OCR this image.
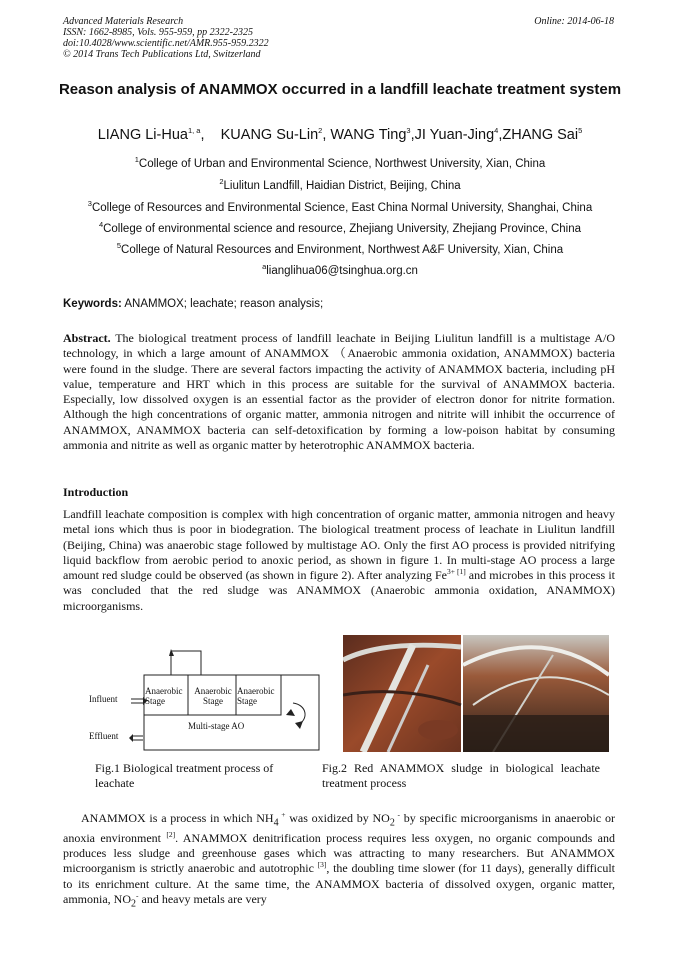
Advanced Materials Research
ISSN: 1662-8985, Vols. 955-959, pp 2322-2325
doi:10.4028/www.scientific.net/AMR.955-959.2322
© 2014 Trans Tech Publications Ltd, Switzerland
Online: 2014-06-18
Reason analysis of ANAMMOX occurred in a landfill leachate treatment system
LIANG Li-Hua$^{1, a}$,    KUANG Su-Lin$^2$, WANG Ting$^3$,JI Yuan-Jing$^4$,ZHANG Sai$^5$
$^1$College of Urban and Environmental Science, Northwest University, Xian, China
$^2$Liulitun Landfill, Haidian District, Beijing, China
$^3$College of Resources and Environmental Science, East China Normal University, Shanghai, China
$^4$College of environmental science and resource, Zhejiang University, Zhejiang Province, China
$^5$College of Natural Resources and Environment, Northwest A&F University, Xian, China
$^a$lianglihua06@tsinghua.org.cn
Keywords: ANAMMOX; leachate; reason analysis;
Abstract. The biological treatment process of landfill leachate in Beijing Liulitun landfill is a multistage A/O technology, in which a large amount of ANAMMOX （Anaerobic ammonia oxidation, ANAMMOX) bacteria were found in the sludge. There are several factors impacting the activity of ANAMMOX bacteria, including pH value, temperature and HRT which in this process are suitable for the survival of ANAMMOX bacteria. Especially, low dissolved oxygen is an essential factor as the provider of electron donor for nitrite formation. Although the high concentrations of organic matter, ammonia nitrogen and nitrite will inhibit the occurrence of ANAMMOX, ANAMMOX bacteria can self-detoxification by forming a low-poison habitat by consuming ammonia and nitrite as well as organic matter by heterotrophic ANAMMOX bacteria.
Introduction
Landfill leachate composition is complex with high concentration of organic matter, ammonia nitrogen and heavy metal ions which thus is poor in biodegration. The biological treatment process of leachate in Liulitun landfill (Beijing, China) was anaerobic stage followed by multistage AO. Only the first AO process is provided nitrifying liquid backflow from aerobic period to anoxic period, as shown in figure 1. In multi-stage AO process a large amount red sludge could be observed (as shown in figure 2). After analyzing $Fe^{3+ [1]}$ and microbes in this process it was concluded that the red sludge was ANAMMOX (Anaerobic ammonia oxidation, ANAMMOX) microorganisms.
Influent
Effluent
Anaerobic Stage
Anaerobic Stage
Anaerobic Stage
Multi-stage AO
Fig.1 Biological treatment process of leachate
Fig.2 Red ANAMMOX sludge in biological leachate treatment process
ANAMMOX is a process in which $NH_4$ + was oxidized by $NO_2$ - by specific microorganisms in anaerobic or anoxia environment [2]. ANAMMOX denitrification process requires less oxygen, no organic compounds and produces less sludge and greenhouse gases which was attracting to many researchers. But ANAMMOX microorganism is strictly anaerobic and autotrophic [3], the doubling time slower (for 11 days), generally difficult to its enrichment culture. At the same time, the ANAMMOX bacteria of dissolved oxygen, organic matter, ammonia, $NO_2^-$ and heavy metals are very
